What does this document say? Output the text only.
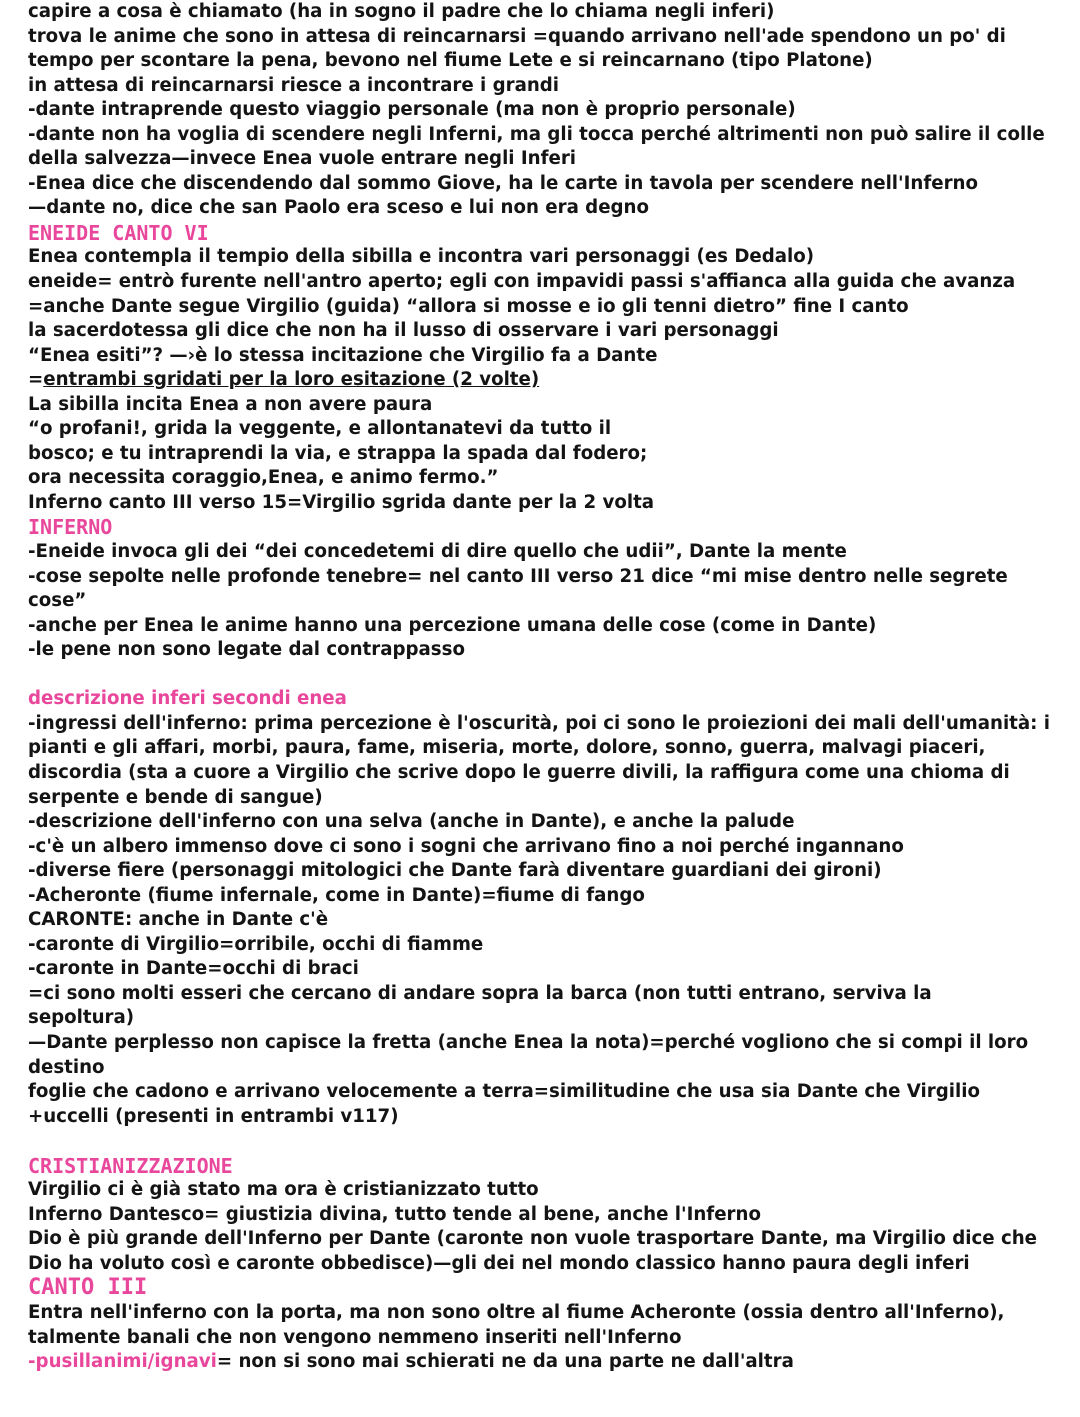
capire a cosa è chiamato (ha in sogno il padre che lo chiama negli inferi)
trova le anime che sono in attesa di reincarnarsi =quando arrivano nell'ade spendono un po' di
tempo per scontare la pena, bevono nel fiume Lete e si reincarnano (tipo Platone)
in attesa di reincarnarsi riesce a incontrare i grandi
-dante intraprende questo viaggio personale (ma non è proprio personale)
-dante non ha voglia di scendere negli Inferni, ma gli tocca perché altrimenti non può salire il colle
della salvezza—invece Enea vuole entrare negli Inferi
-Enea dice che discendendo dal sommo Giove, ha le carte in tavola per scendere nell'Inferno
—dante no, dice che san Paolo era sceso e lui non era degno
ENEIDE CANTO VI
Enea contempla il tempio della sibilla e incontra vari personaggi (es Dedalo)
eneide= entrò furente nell'antro aperto; egli con impavidi passi s'affianca alla guida che avanza
=anche Dante segue Virgilio (guida) “allora si mosse e io gli tenni dietro” fine I canto
la sacerdotessa gli dice che non ha il lusso di osservare i vari personaggi
“Enea esiti”? —›è lo stessa incitazione che Virgilio fa a Dante
=entrambi sgridati per la loro esitazione (2 volte)
La sibilla incita Enea a non avere paura
“o profani!, grida la veggente, e allontanatevi da tutto il
bosco; e tu intraprendi la via, e strappa la spada dal fodero;
ora necessita coraggio,Enea, e animo fermo.”
Inferno canto III verso 15=Virgilio sgrida dante per la 2 volta
INFERNO
-Eneide invoca gli dei “dei concedetemi di dire quello che udii”, Dante la mente
-cose sepolte nelle profonde tenebre= nel canto III verso 21 dice “mi mise dentro nelle segrete
cose”
-anche per Enea le anime hanno una percezione umana delle cose (come in Dante)
-le pene non sono legate dal contrappasso
descrizione inferi secondi enea
-ingressi dell'inferno: prima percezione è l'oscurità, poi ci sono le proiezioni dei mali dell'umanità: i
pianti e gli affari, morbi, paura, fame, miseria, morte, dolore, sonno, guerra, malvagi piaceri,
discordia (sta a cuore a Virgilio che scrive dopo le guerre divili, la raffigura come una chioma di
serpente e bende di sangue)
-descrizione dell'inferno con una selva (anche in Dante), e anche la palude
-c'è un albero immenso dove ci sono i sogni che arrivano fino a noi perché ingannano
-diverse fiere (personaggi mitologici che Dante farà diventare guardiani dei gironi)
-Acheronte (fiume infernale, come in Dante)=fiume di fango
CARONTE: anche in Dante c'è
-caronte di Virgilio=orribile, occhi di fiamme
-caronte in Dante=occhi di braci
=ci sono molti esseri che cercano di andare sopra la barca (non tutti entrano, serviva la
sepoltura)
—Dante perplesso non capisce la fretta (anche Enea la nota)=perché vogliono che si compi il loro
destino
foglie che cadono e arrivano velocemente a terra=similitudine che usa sia Dante che Virgilio
+uccelli (presenti in entrambi v117)
CRISTIANIZZAZIONE
Virgilio ci è già stato ma ora è cristianizzato tutto
Inferno Dantesco= giustizia divina, tutto tende al bene, anche l'Inferno
Dio è più grande dell'Inferno per Dante (caronte non vuole trasportare Dante, ma Virgilio dice che
Dio ha voluto così e caronte obbedisce)—gli dei nel mondo classico hanno paura degli inferi
CANTO III
Entra nell'inferno con la porta, ma non sono oltre al fiume Acheronte (ossia dentro all'Inferno),
talmente banali che non vengono nemmeno inseriti nell'Inferno
-pusillanimi/ignavi= non si sono mai schierati ne da una parte ne dall'altra
